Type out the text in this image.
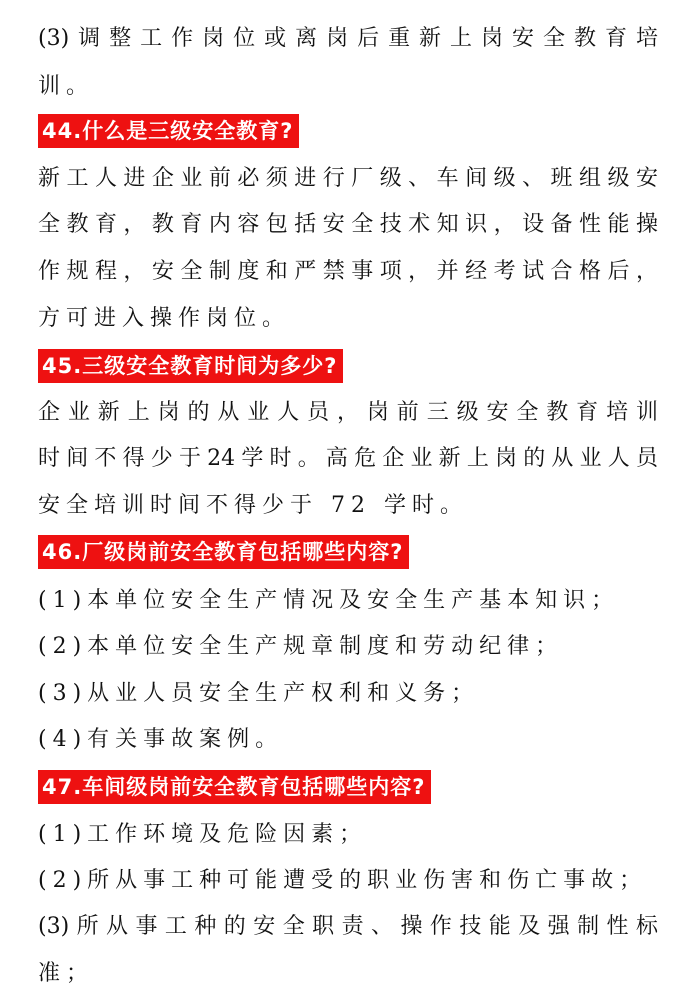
(3)调整工作岗位或离岗后重新上岗安全教育培
训。
44.什么是三级安全教育?
新工人进企业前必须进行厂级、车间级、班组级安
全教育，教育内容包括安全技术知识，设备性能操
作规程，安全制度和严禁事项，并经考试合格后，
方可进入操作岗位。
45.三级安全教育时间为多少?
企业新上岗的从业人员，岗前三级安全教育培训
时间不得少于24学时。高危企业新上岗的从业人员
安全培训时间不得少于 72 学时。
46.厂级岗前安全教育包括哪些内容?
(1)本单位安全生产情况及安全生产基本知识；
(2)本单位安全生产规章制度和劳动纪律；
(3)从业人员安全生产权利和义务；
(4)有关事故案例。
47.车间级岗前安全教育包括哪些内容?
(1)工作环境及危险因素；
(2)所从事工种可能遭受的职业伤害和伤亡事故；
(3)所从事工种的安全职责、操作技能及强制性标
准；
